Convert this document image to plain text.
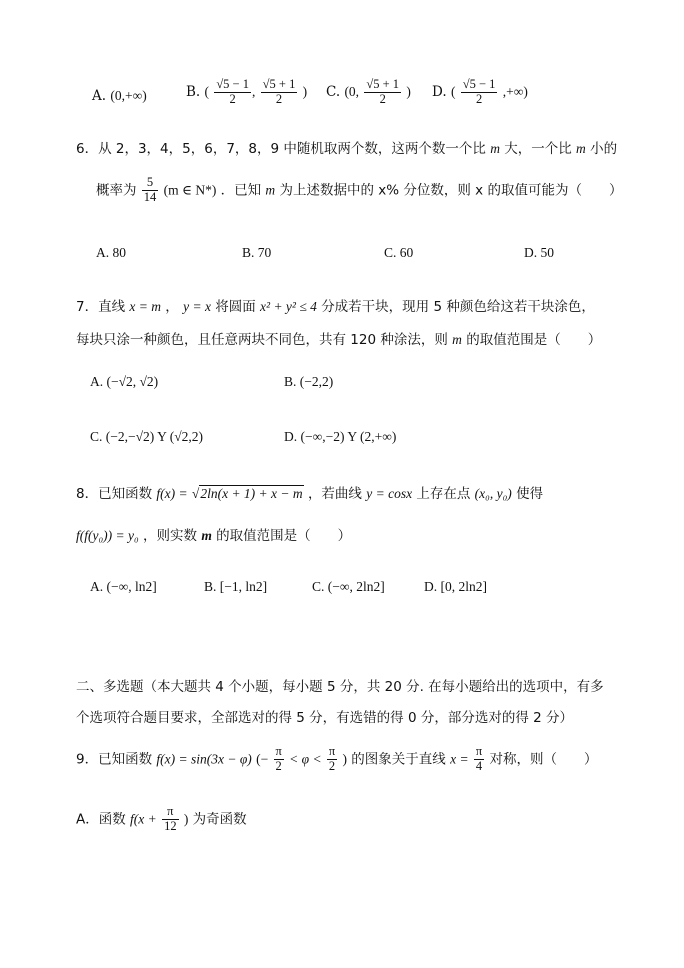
A. (0,+∞)	B. ( $\frac{√5 - 1}{2}$ , $\frac{√5 + 1}{2}$ ) C. (0, $\frac{√5 + 1}{2}$ ) D. ( $\frac{√5 - 1}{2}$ ,+∞)
6．从 2，3，4，5，6，7，8，9 中随机取两个数，这两个数一个比 m 大，一个比 m 小的
概率为 $\frac{5}{14} (m$ ∈ N*) ．已知 m 为上述数据中的 x% 分位数，则 x 的取值可能为（　　）
A. 80	B. 70	C. 60	D. 50
7．直线 x = m ， y = x 将圆面 x² + y² ≤ 4 分成若干块，现用 5 种颜色给这若干块涂色，
每块只涂一种颜色，且任意两块不同色，共有 120 种涂法，则 m 的取值范围是（　　）
A. (−√2, √2)	B. (−2,2)
C. (−2,−√2) Y (√2,2)	D. (−∞,−2) Y (2,+∞)
8．已知函数 f(x) = √2ln(x + 1) + x − m ，若曲线 y = cosx 上存在点 (x₀, y₀) 使得
f(f(y₀)) = y₀ ，则实数 m 的取值范围是（　　）
A. (−∞, ln2]	B. [−1, ln2]	C. (−∞, 2ln2]	D. [0, 2ln2]
二、多选题（本大题共 4 个小题，每小题 5 分，共 20 分. 在每小题给出的选项中，有多
个选项符合题目要求，全部选对的得 5 分，有选错的得 0 分，部分选对的得 2 分）
9．已知函数 f(x) = sin(3x − φ) (− $\frac{\pi}{2} < \varphi < \frac{\pi}{2}$ ) 的图象关于直线 $x = \frac{\pi}{4}$ 对称，则（　　）
A．函数 $f(x + \frac{\pi}{12}$ ) 为奇函数
